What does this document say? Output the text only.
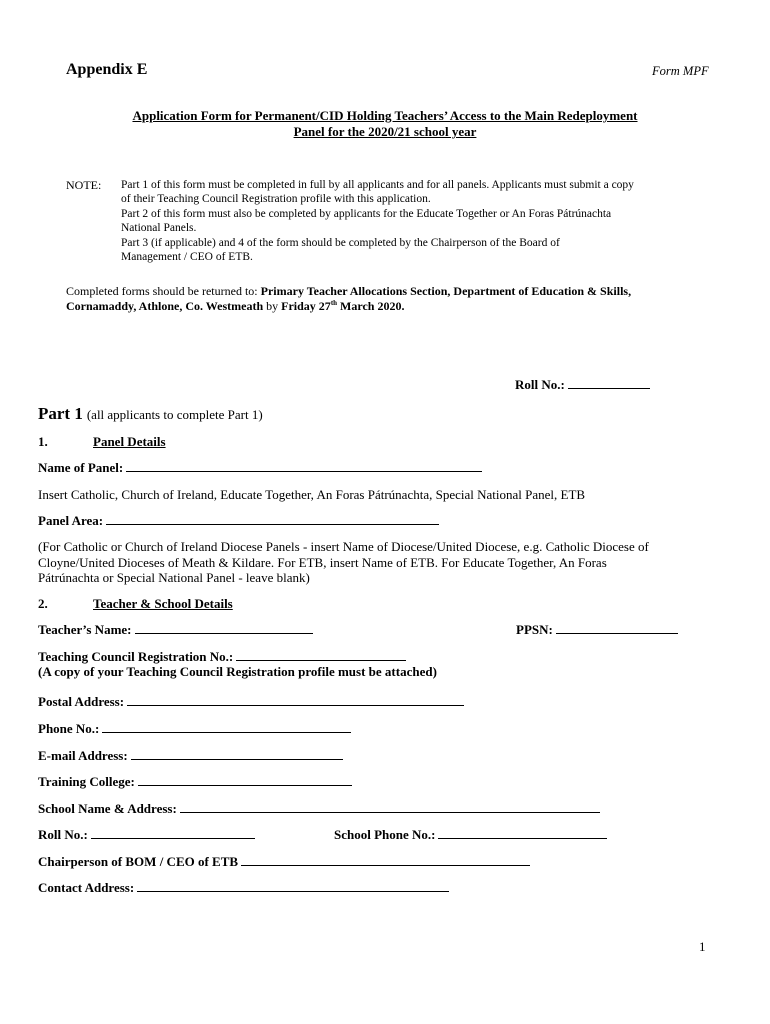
Appendix E	Form MPF
Application Form for Permanent/CID Holding Teachers’ Access to the Main Redeployment
Panel for the 2020/21 school year
NOTE: Part 1 of this form must be completed in full by all applicants and for all panels. Applicants must submit a copy
of their Teaching Council Registration profile with this application.
Part 2 of this form must also be completed by applicants for the Educate Together or An Foras Pátrúnachta
National Panels.
Part 3 (if applicable) and 4 of the form should be completed by the Chairperson of the Board of
Management / CEO of ETB.
Completed forms should be returned to: Primary Teacher Allocations Section, Department of Education & Skills,
Cornamaddy, Athlone, Co. Westmeath by Friday 27th March 2020.
Roll No.:
Part 1 (all applicants to complete Part 1)
1.	Panel Details
Name of Panel:
Insert Catholic, Church of Ireland, Educate Together, An Foras Pátrúnachta, Special National Panel, ETB
Panel Area:
(For Catholic or Church of Ireland Diocese Panels - insert Name of Diocese/United Diocese, e.g. Catholic Diocese of
Cloyne/United Dioceses of Meath & Kildare. For ETB, insert Name of ETB. For Educate Together, An Foras
Pátrúnachta or Special National Panel - leave blank)
2.	Teacher & School Details
Teacher’s Name:	PPSN:
Teaching Council Registration No.:
(A copy of your Teaching Council Registration profile must be attached)
Postal Address:
Phone No.:
E-mail Address:
Training College:
School Name & Address:
Roll No.:	School Phone No.:
Chairperson of BOM / CEO of ETB
Contact Address:
1
